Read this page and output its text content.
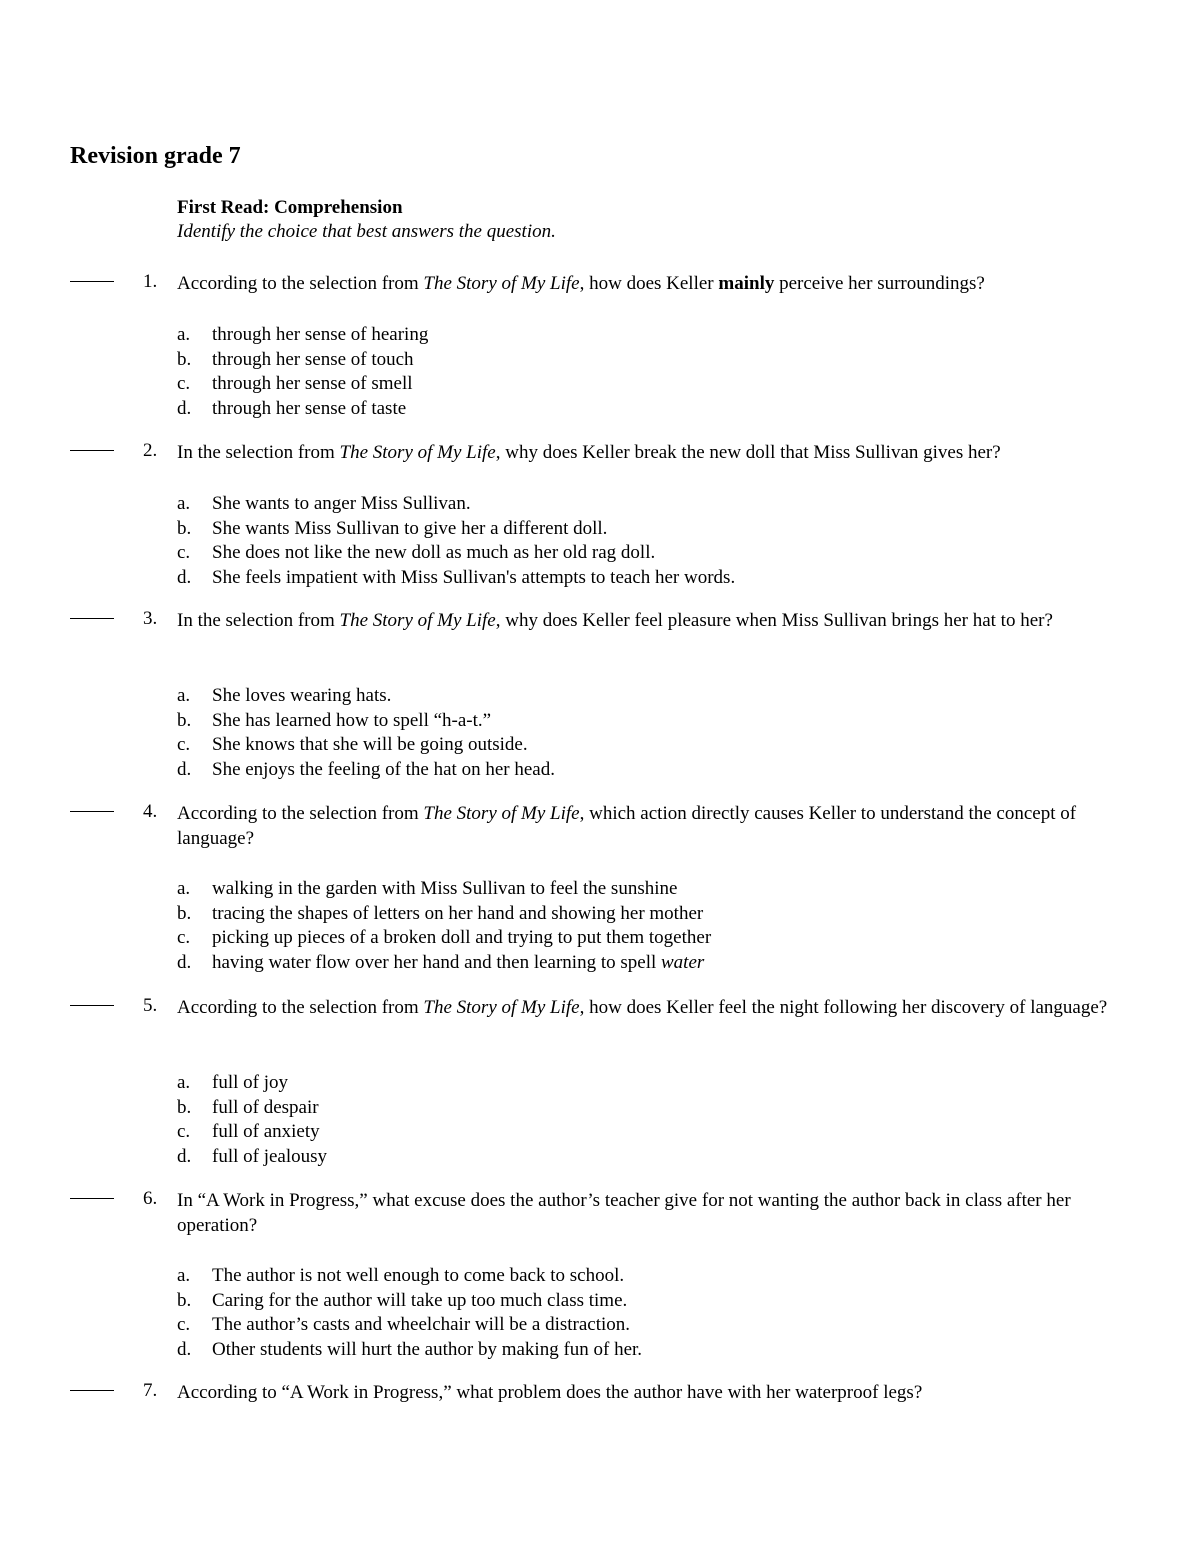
Revision grade 7
First Read: Comprehension
Identify the choice that best answers the question.
1. According to the selection from The Story of My Life, how does Keller mainly perceive her surroundings?
a. through her sense of hearing
b. through her sense of touch
c. through her sense of smell
d. through her sense of taste
2. In the selection from The Story of My Life, why does Keller break the new doll that Miss Sullivan gives her?
a. She wants to anger Miss Sullivan.
b. She wants Miss Sullivan to give her a different doll.
c. She does not like the new doll as much as her old rag doll.
d. She feels impatient with Miss Sullivan's attempts to teach her words.
3. In the selection from The Story of My Life, why does Keller feel pleasure when Miss Sullivan brings her hat to her?
a. She loves wearing hats.
b. She has learned how to spell “h-a-t.”
c. She knows that she will be going outside.
d. She enjoys the feeling of the hat on her head.
4. According to the selection from The Story of My Life, which action directly causes Keller to understand the concept of language?
a. walking in the garden with Miss Sullivan to feel the sunshine
b. tracing the shapes of letters on her hand and showing her mother
c. picking up pieces of a broken doll and trying to put them together
d. having water flow over her hand and then learning to spell water
5. According to the selection from The Story of My Life, how does Keller feel the night following her discovery of language?
a. full of joy
b. full of despair
c. full of anxiety
d. full of jealousy
6. In “A Work in Progress,” what excuse does the author’s teacher give for not wanting the author back in class after her operation?
a. The author is not well enough to come back to school.
b. Caring for the author will take up too much class time.
c. The author’s casts and wheelchair will be a distraction.
d. Other students will hurt the author by making fun of her.
7. According to “A Work in Progress,” what problem does the author have with her waterproof legs?
